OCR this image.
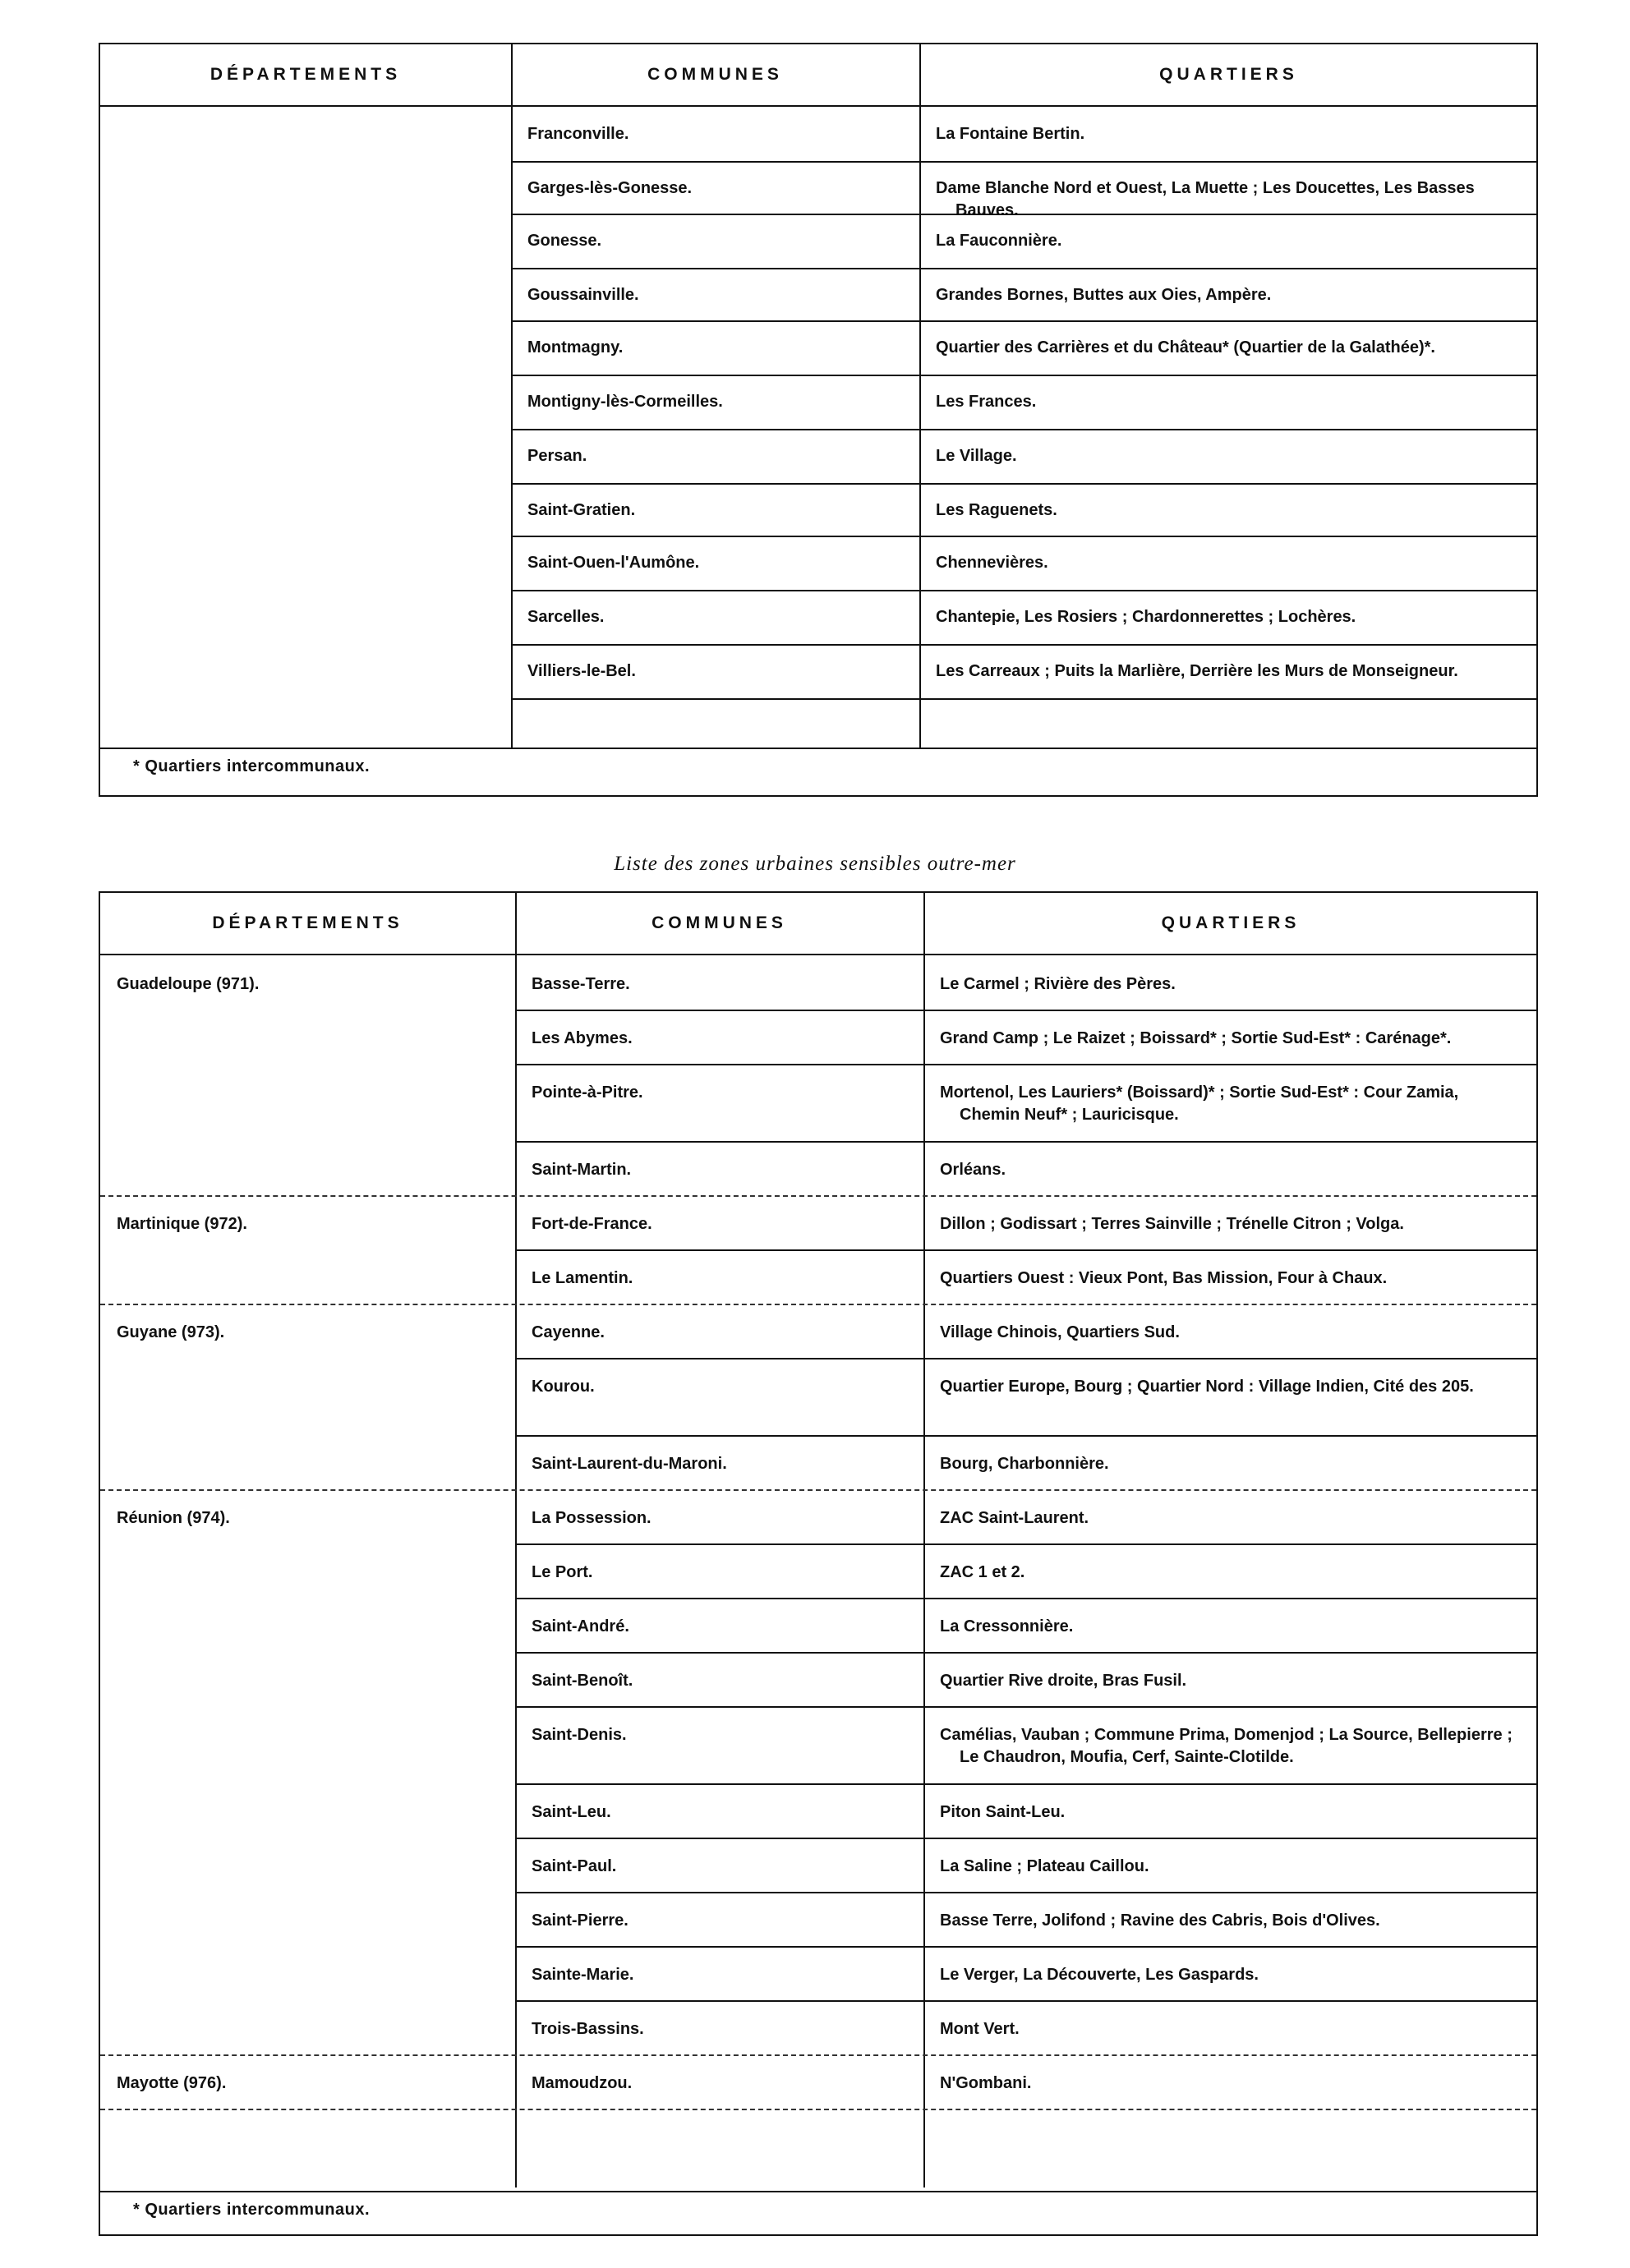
DÉPARTEMENTS	COMMUNES	QUARTIERS
Franconville.	La Fontaine Bertin.
Garges-lès-Gonesse.	Dame Blanche Nord et Ouest, La Muette ; Les Doucettes, Les Basses Bauves.
Gonesse.	La Fauconnière.
Goussainville.	Grandes Bornes, Buttes aux Oies, Ampère.
Montmagny.	Quartier des Carrières et du Château* (Quartier de la Galathée)*.
Montigny-lès-Cormeilles.	Les Frances.
Persan.	Le Village.
Saint-Gratien.	Les Raguenets.
Saint-Ouen-l'Aumône.	Chennevières.
Sarcelles.	Chantepie, Les Rosiers ; Chardonnerettes ; Lochères.
Villiers-le-Bel.	Les Carreaux ; Puits la Marlière, Derrière les Murs de Monseigneur.
* Quartiers intercommunaux.
Liste des zones urbaines sensibles outre-mer
DÉPARTEMENTS	COMMUNES	QUARTIERS
Guadeloupe (971).	Basse-Terre.	Le Carmel ; Rivière des Pères.
Les Abymes.	Grand Camp ; Le Raizet ; Boissard* ; Sortie Sud-Est* : Carénage*.
Pointe-à-Pitre.	Mortenol, Les Lauriers* (Boissard)* ; Sortie Sud-Est* : Cour Zamia, Chemin Neuf* ; Lauricisque.
Saint-Martin.	Orléans.
Martinique (972).	Fort-de-France.	Dillon ; Godissart ; Terres Sainville ; Trénelle Citron ; Volga.
Le Lamentin.	Quartiers Ouest : Vieux Pont, Bas Mission, Four à Chaux.
Guyane (973).	Cayenne.	Village Chinois, Quartiers Sud.
Kourou.	Quartier Europe, Bourg ; Quartier Nord : Village Indien, Cité des 205.
Saint-Laurent-du-Maroni.	Bourg, Charbonnière.
Réunion (974).	La Possession.	ZAC Saint-Laurent.
Le Port.	ZAC 1 et 2.
Saint-André.	La Cressonnière.
Saint-Benoît.	Quartier Rive droite, Bras Fusil.
Saint-Denis.	Camélias, Vauban ; Commune Prima, Domenjod ; La Source, Bellepierre ; Le Chaudron, Moufia, Cerf, Sainte-Clotilde.
Saint-Leu.	Piton Saint-Leu.
Saint-Paul.	La Saline ; Plateau Caillou.
Saint-Pierre.	Basse Terre, Jolifond ; Ravine des Cabris, Bois d'Olives.
Sainte-Marie.	Le Verger, La Découverte, Les Gaspards.
Trois-Bassins.	Mont Vert.
Mayotte (976).	Mamoudzou.	N'Gombani.
* Quartiers intercommunaux.
